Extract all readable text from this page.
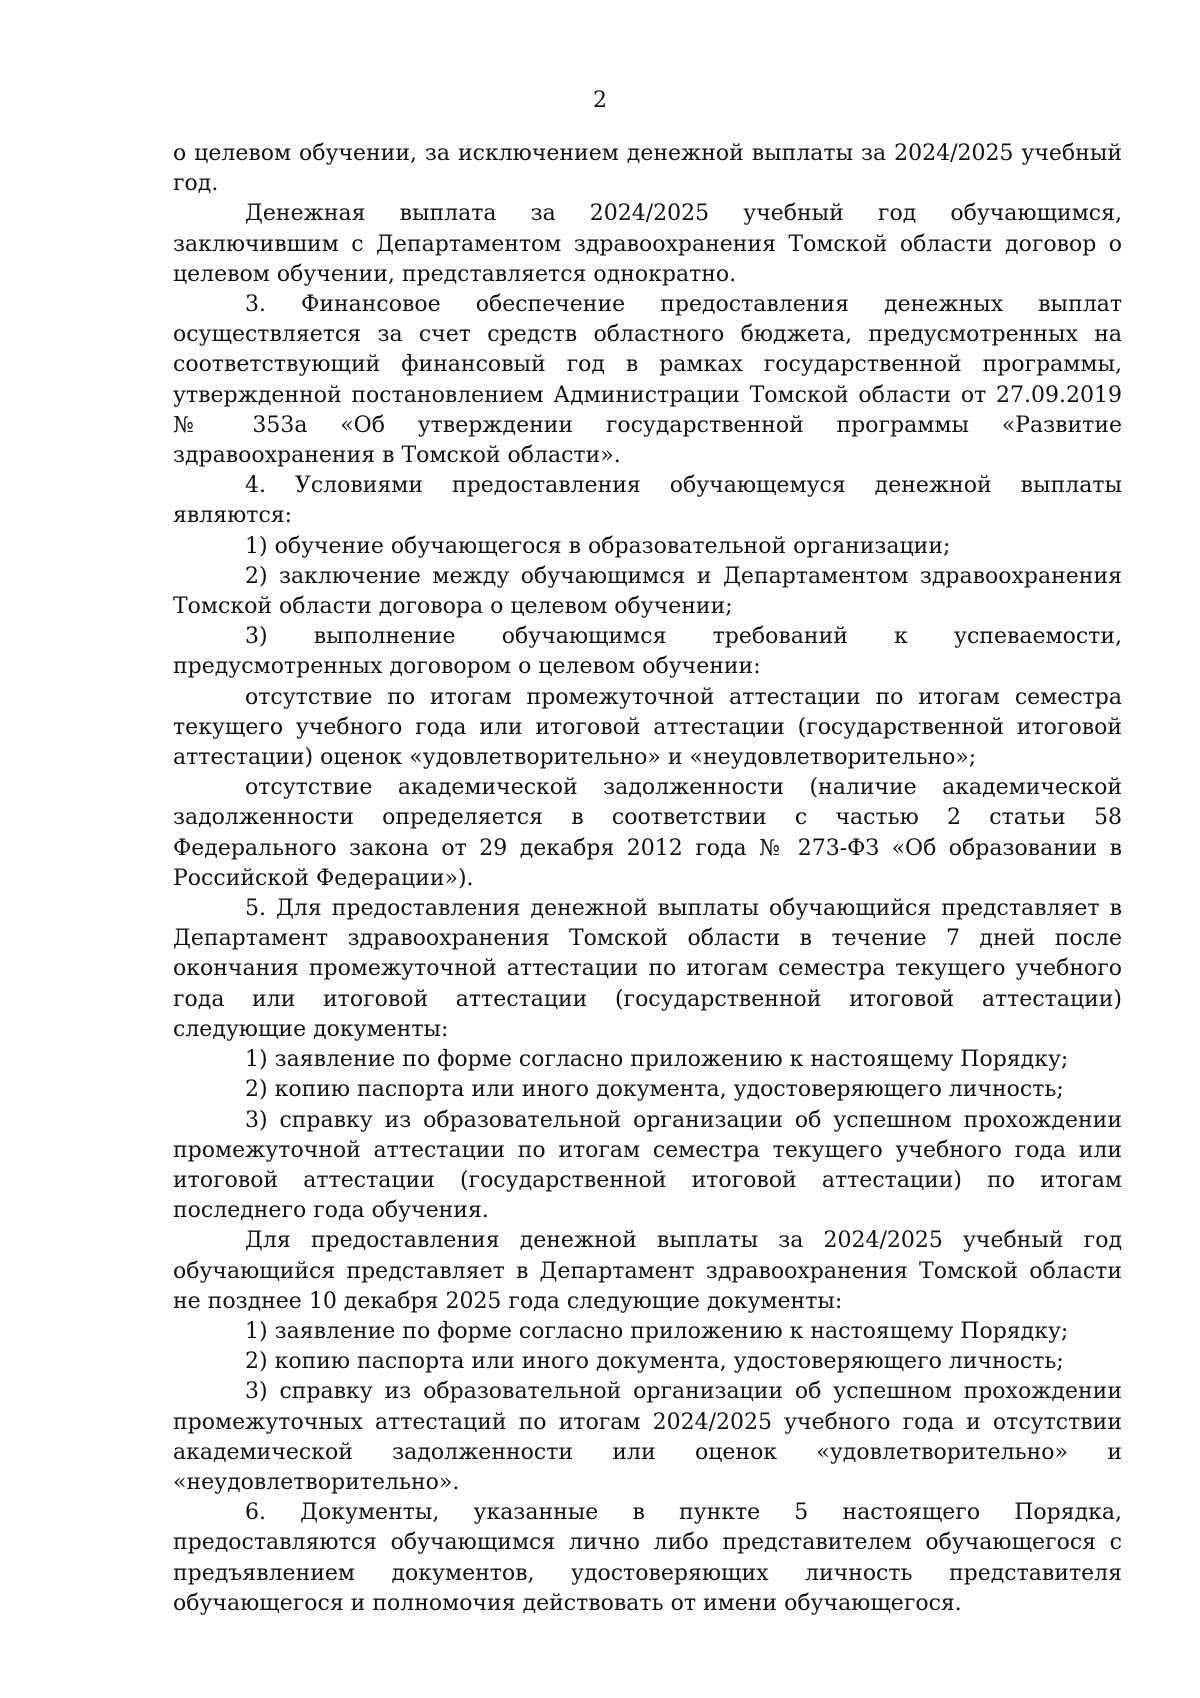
2

о целевом обучении, за исключением денежной выплаты за 2024/2025 учебный год.

Денежная выплата за 2024/2025 учебный год обучающимся, заключившим с Департаментом здравоохранения Томской области договор о целевом обучении, представляется однократно.

3. Финансовое обеспечение предоставления денежных выплат осуществляется за счет средств областного бюджета, предусмотренных на соответствующий финансовый год в рамках государственной программы, утвержденной постановлением Администрации Томской области от 27.09.2019 № 353а «Об утверждении государственной программы «Развитие здравоохранения в Томской области».

4. Условиями предоставления обучающемуся денежной выплаты являются:

1) обучение обучающегося в образовательной организации;

2) заключение между обучающимся и Департаментом здравоохранения Томской области договора о целевом обучении;

3) выполнение обучающимся требований к успеваемости, предусмотренных договором о целевом обучении:

отсутствие по итогам промежуточной аттестации по итогам семестра текущего учебного года или итоговой аттестации (государственной итоговой аттестации) оценок «удовлетворительно» и «неудовлетворительно»;

отсутствие академической задолженности (наличие академической задолженности определяется в соответствии с частью 2 статьи 58 Федерального закона от 29 декабря 2012 года № 273-ФЗ «Об образовании в Российской Федерации»).

5. Для предоставления денежной выплаты обучающийся представляет в Департамент здравоохранения Томской области в течение 7 дней после окончания промежуточной аттестации по итогам семестра текущего учебного года или итоговой аттестации (государственной итоговой аттестации) следующие документы:

1) заявление по форме согласно приложению к настоящему Порядку;

2) копию паспорта или иного документа, удостоверяющего личность;

3) справку из образовательной организации об успешном прохождении промежуточной аттестации по итогам семестра текущего учебного года или итоговой аттестации (государственной итоговой аттестации) по итогам последнего года обучения.

Для предоставления денежной выплаты за 2024/2025 учебный год обучающийся представляет в Департамент здравоохранения Томской области не позднее 10 декабря 2025 года следующие документы:

1) заявление по форме согласно приложению к настоящему Порядку;

2) копию паспорта или иного документа, удостоверяющего личность;

3) справку из образовательной организации об успешном прохождении промежуточных аттестаций по итогам 2024/2025 учебного года и отсутствии академической задолженности или оценок «удовлетворительно» и «неудовлетворительно».

6. Документы, указанные в пункте 5 настоящего Порядка, предоставляются обучающимся лично либо представителем обучающегося с предъявлением документов, удостоверяющих личность представителя обучающегося и полномочия действовать от имени обучающегося.
